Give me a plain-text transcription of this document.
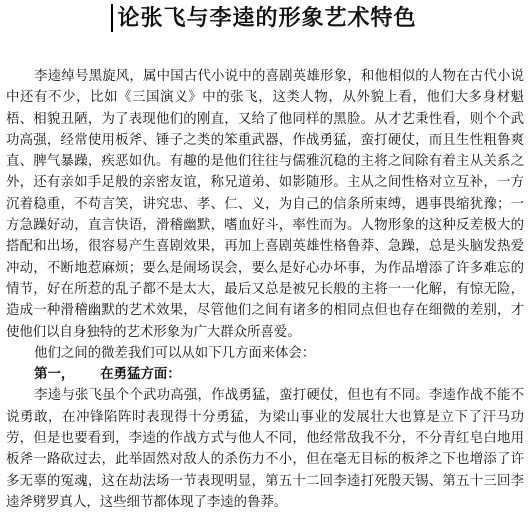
论张飞与李逵的形象艺术特色

李逵绰号黑旋风，属中国古代小说中的喜剧英雄形象，和他相似的人物在古代小说中还有不少，比如《三国演义》中的张飞，这类人物，从外貌上看，他们大多身材魁梧、相貌丑陋，为了表现他们的刚直，又给了他同样的黑脸。从才艺秉性看，则个个武功高强，经常使用板斧、锤子之类的笨重武器，作战勇猛，蛮打硬仗，而且生性粗鲁爽直、脾气暴躁，疾恶如仇。有趣的是他们往往与儒雅沉稳的主将之间除有着主从关系之外，还有亲如手足般的亲密友谊，称兄道弟、如影随形。主从之间性格对立互补，一方沉着稳重，不苟言笑，讲究忠、孝、仁、义，为自己的信条所束缚，遇事畏缩犹豫；一方急躁好动，直言快语，滑稽幽默，嗜血好斗，率性而为。人物形象的这种反差极大的搭配和出场，很容易产生喜剧效果，再加上喜剧英雄性格鲁莽、急躁，总是头脑发热爱冲动，不断地惹麻烦；要么是闹场误会，要么是好心办坏事，为作品增添了许多难忘的情节，好在所惹的乱子都不是太大，最后又总是被兄长般的主将一一化解，有惊无险，造成一种滑稽幽默的艺术效果，尽管他们之间有诸多的相同点但也存在细微的差别，才使他们以自身独特的艺术形象为广大群众所喜爱。

他们之间的微差我们可以从如下几方面来体会：

第一， 在勇猛方面：

李逵与张飞虽个个武功高强，作战勇猛，蛮打硬仗，但也有不同。李逵作战不能不说勇敢，在冲锋陷阵时表现得十分勇猛，为梁山事业的发展壮大也算是立下了汗马功劳，但是也要看到，李逵的作战方式与他人不同，他经常敌我不分，不分青红皂白地用板斧一路砍过去，此举固然对敌人的杀伤力不小，但在毫无目标的板斧之下也增添了许多无辜的冤魂，这在劫法场一节表现明显，第五十二回李逵打死殷天锡、第五十三回李逵斧劈罗真人，这些细节都体现了李逵的鲁莽。
